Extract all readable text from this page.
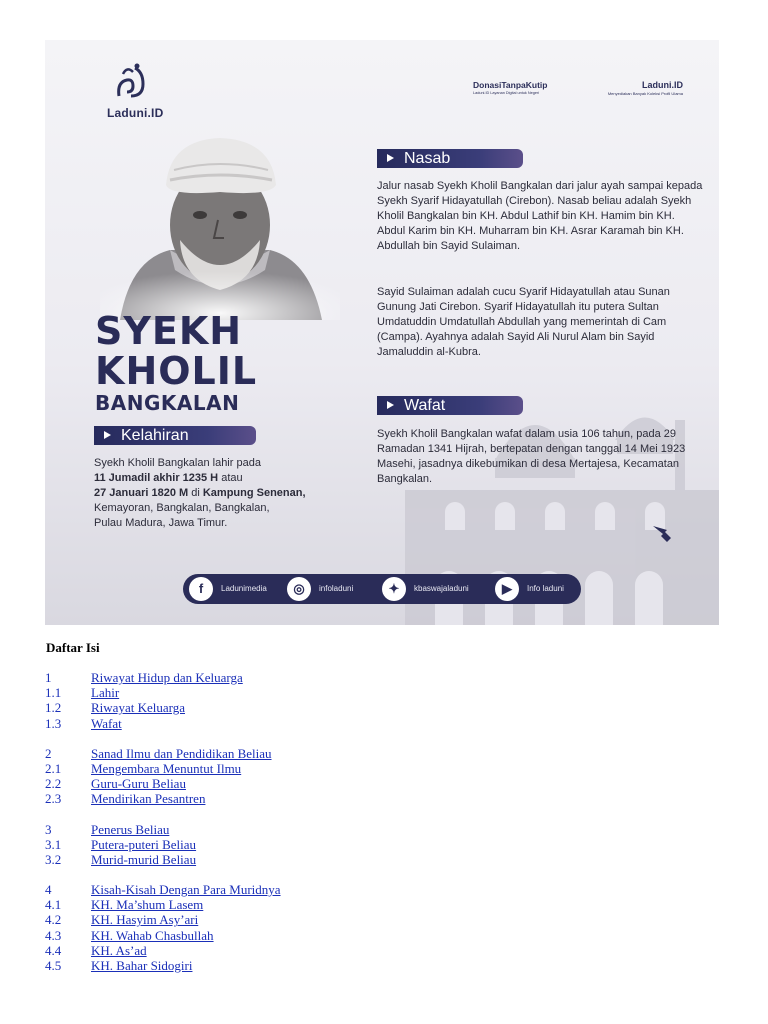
Laduni.ID
DonasiTanpaKutip
Laduni.ID Layanan Digital untuk Negeri
Laduni.ID
Menyediakan Banyak Koleksi Profil Ulama
SYEKH
KHOLIL
BANGKALAN
Nasab

Jalur nasab Syekh Kholil Bangkalan dari jalur ayah sampai kepada Syekh Syarif Hidayatullah (Cirebon). Nasab beliau adalah Syekh Kholil Bangkalan bin KH. Abdul Lathif bin KH. Hamim bin KH. Abdul Karim bin KH. Muharram bin KH. Asrar Karamah bin KH. Abdullah bin Sayid Sulaiman.

Sayid Sulaiman adalah cucu Syarif Hidayatullah atau Sunan Gunung Jati Cirebon. Syarif Hidayatullah itu putera Sultan Umdatuddin Umdatullah Abdullah yang memerintah di Cam (Campa). Ayahnya adalah Sayid Ali Nurul Alam bin Sayid Jamaluddin al-Kubra.

Wafat

Syekh Kholil Bangkalan wafat dalam usia 106 tahun, pada 29 Ramadan 1341 Hijrah, bertepatan dengan tanggal 14 Mei 1923 Masehi, jasadnya dikebumikan di desa Mertajesa, Kecamatan Bangkalan.

Kelahiran
Syekh Kholil Bangkalan lahir pada
11 Jumadil akhir 1235 H atau
27 Januari 1820 M di Kampung Senenan,
Kemayoran, Bangkalan, Bangkalan,
Pulau Madura, Jawa Timur.
f	Ladunimedia	◎	infoladuni	✦	kbaswajaladuni	▶	Info laduni
Daftar Isi
1	Riwayat Hidup dan Keluarga
1.1 Lahir
1.2 Riwayat Keluarga
1.3 Wafat
2	Sanad Ilmu dan Pendidikan Beliau
2.1 Mengembara Menuntut Ilmu
2.2 Guru-Guru Beliau
2.3 Mendirikan Pesantren
3	Penerus Beliau
3.1 Putera-puteri Beliau
3.2 Murid-murid Beliau
4	Kisah-Kisah Dengan Para Muridnya
4.1 KH. Ma’shum Lasem
4.2 KH. Hasyim Asy’ari
4.3 KH. Wahab Chasbullah
4.4 KH. As’ad
4.5 KH. Bahar Sidogiri
